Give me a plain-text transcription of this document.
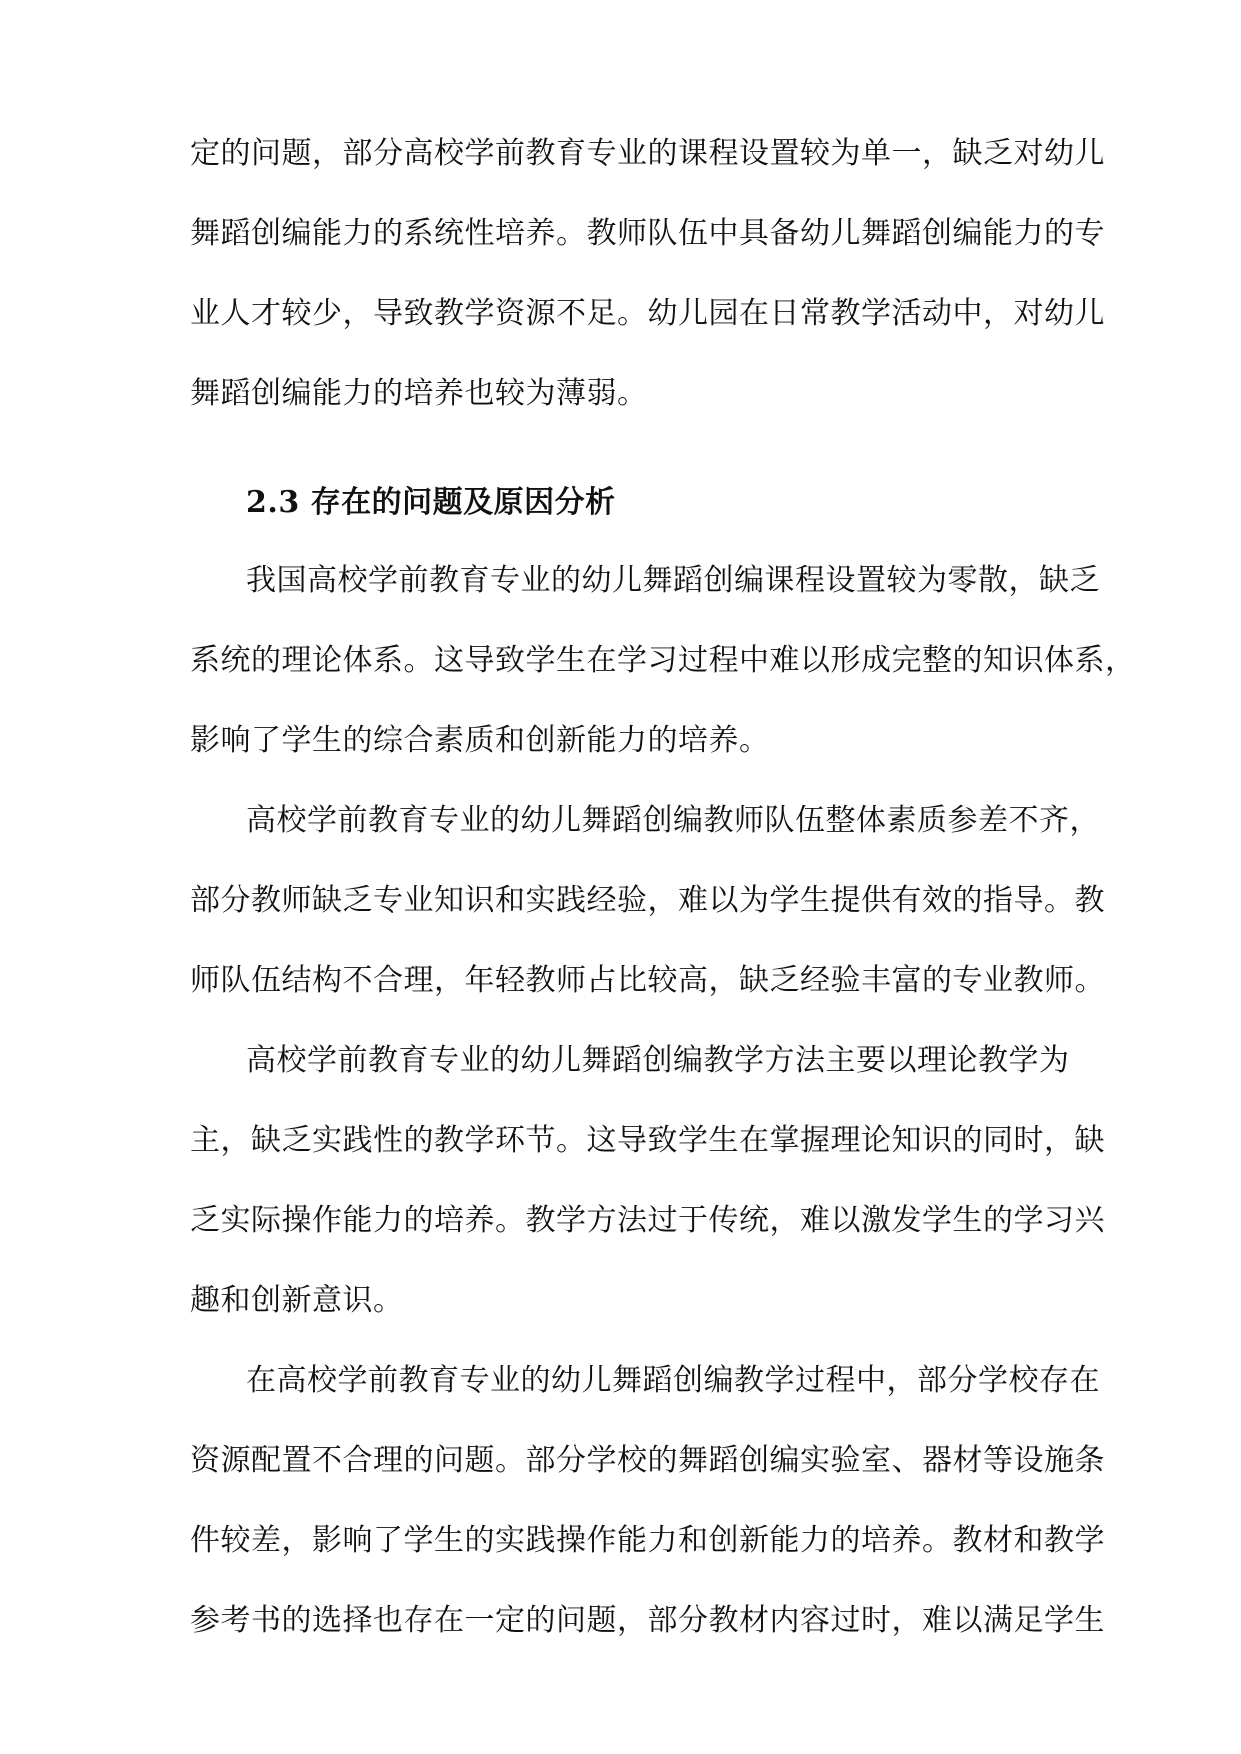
定的问题，部分高校学前教育专业的课程设置较为单一，缺乏对幼儿
舞蹈创编能力的系统性培养。教师队伍中具备幼儿舞蹈创编能力的专
业人才较少，导致教学资源不足。幼儿园在日常教学活动中，对幼儿
舞蹈创编能力的培养也较为薄弱。
2.3 存在的问题及原因分析
我国高校学前教育专业的幼儿舞蹈创编课程设置较为零散，缺乏
系统的理论体系。这导致学生在学习过程中难以形成完整的知识体系，
影响了学生的综合素质和创新能力的培养。
高校学前教育专业的幼儿舞蹈创编教师队伍整体素质参差不齐，
部分教师缺乏专业知识和实践经验，难以为学生提供有效的指导。教
师队伍结构不合理，年轻教师占比较高，缺乏经验丰富的专业教师。
高校学前教育专业的幼儿舞蹈创编教学方法主要以理论教学为
主，缺乏实践性的教学环节。这导致学生在掌握理论知识的同时，缺
乏实际操作能力的培养。教学方法过于传统，难以激发学生的学习兴
趣和创新意识。
在高校学前教育专业的幼儿舞蹈创编教学过程中，部分学校存在
资源配置不合理的问题。部分学校的舞蹈创编实验室、器材等设施条
件较差，影响了学生的实践操作能力和创新能力的培养。教材和教学
参考书的选择也存在一定的问题，部分教材内容过时，难以满足学生
